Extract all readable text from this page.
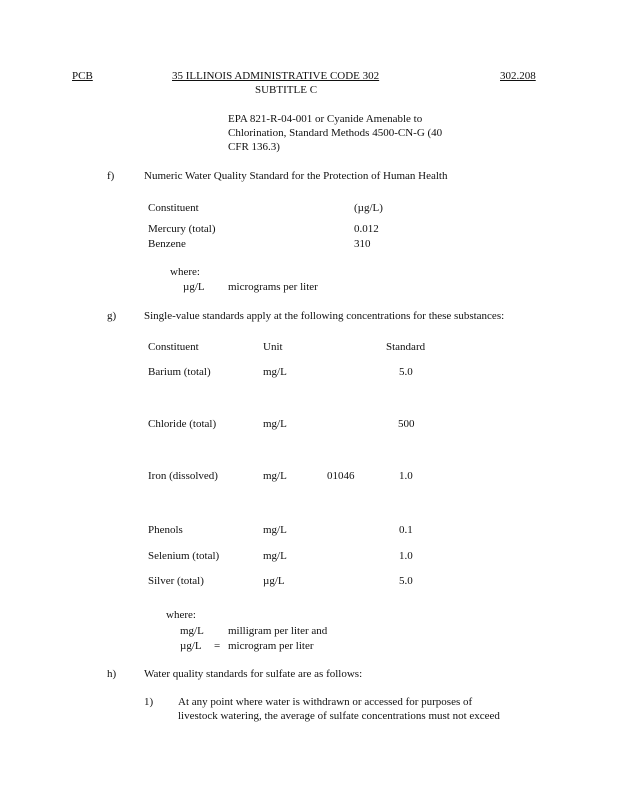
PCB	35 ILLINOIS ADMINISTRATIVE CODE 302
SUBTITLE C
302.208
EPA 821-R-04-001 or Cyanide Amenable to
Chlorination, Standard Methods 4500-CN-G (40
CFR 136.3)
f)	Numeric Water Quality Standard for the Protection of Human Health
Constituent	(µg/L)
Mercury (total)	0.012
Benzene	310
where:
µg/L micrograms per liter
g)	Single-value standards apply at the following concentrations for these substances:
Constituent	Unit	Standard
Barium (total)	mg/L	5.0
Chloride (total)	mg/L	500
Iron (dissolved)	mg/L	01046	1.0
Phenols	mg/L	0.1
Selenium (total)	mg/L	1.0
Silver (total)	µg/L	5.0
where:
mg/L milligram per liter and
µg/L = microgram per liter
h)	Water quality standards for sulfate are as follows:
1) At any point where water is withdrawn or accessed for purposes of
livestock watering, the average of sulfate concentrations must not exceed
